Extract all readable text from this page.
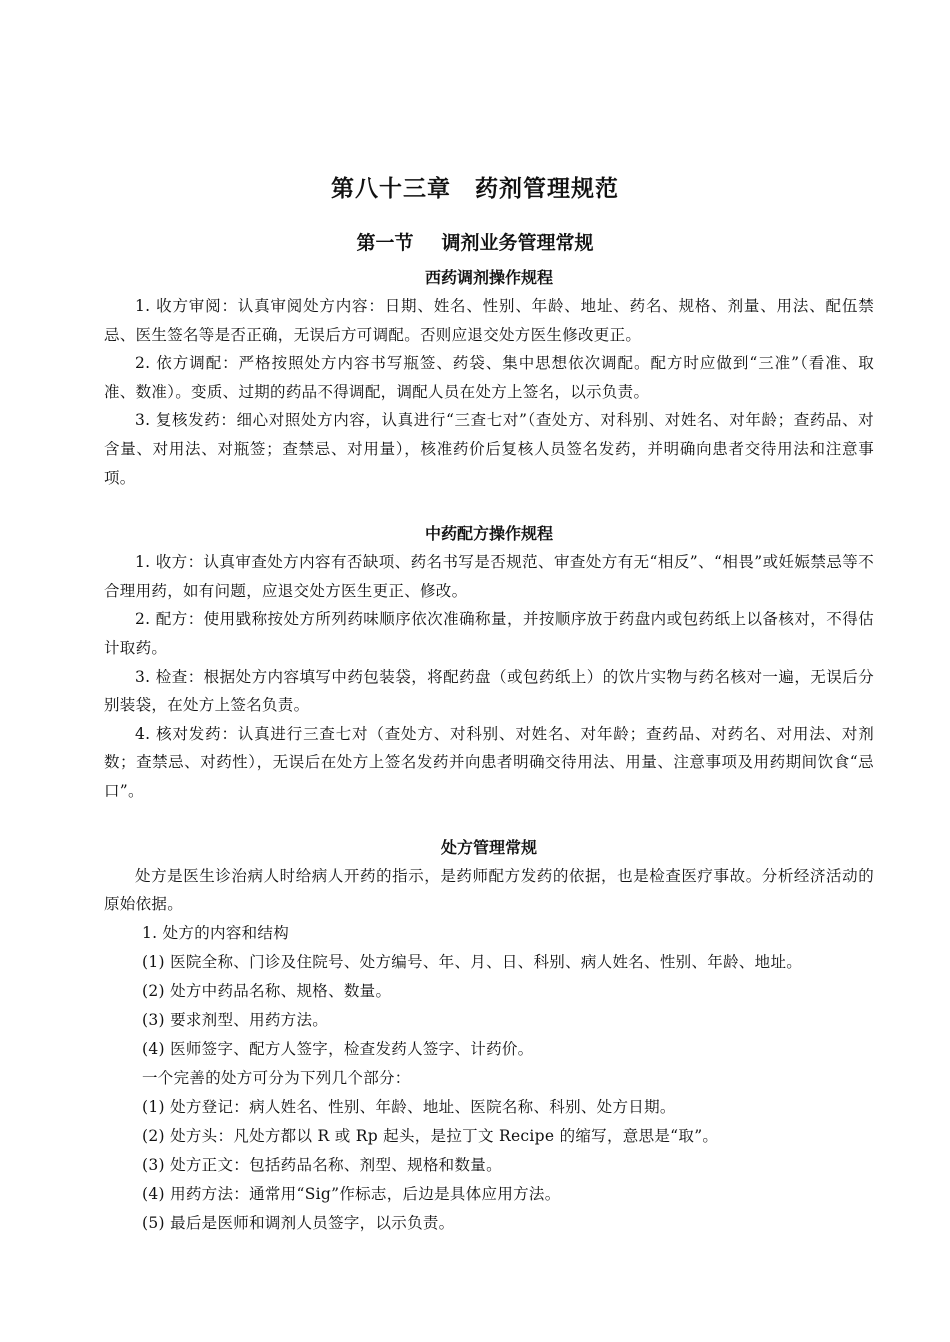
第八十三章　药剂管理规范
第一节 调剂业务管理常规
西药调剂操作规程

1. 收方审阅：认真审阅处方内容：日期、姓名、性别、年龄、地址、药名、规格、剂量、用法、配伍禁忌、医生签名等是否正确，无误后方可调配。否则应退交处方医生修改更正。

2. 依方调配：严格按照处方内容书写瓶签、药袋、集中思想依次调配。配方时应做到“三准”（看准、取准、数准）。变质、过期的药品不得调配，调配人员在处方上签名，以示负责。

3. 复核发药：细心对照处方内容，认真进行“三查七对”（查处方、对科别、对姓名、对年龄；查药品、对含量、对用法、对瓶签；查禁忌、对用量），核准药价后复核人员签名发药，并明确向患者交待用法和注意事项。

中药配方操作规程

1. 收方：认真审查处方内容有否缺项、药名书写是否规范、审查处方有无“相反”、“相畏”或妊娠禁忌等不合理用药，如有问题，应退交处方医生更正、修改。

2. 配方：使用戥称按处方所列药味顺序依次准确称量，并按顺序放于药盘内或包药纸上以备核对，不得估计取药。

3. 检查：根据处方内容填写中药包装袋，将配药盘（或包药纸上）的饮片实物与药名核对一遍，无误后分别装袋，在处方上签名负责。

4. 核对发药：认真进行三查七对（查处方、对科别、对姓名、对年龄；查药品、对药名、对用法、对剂数；查禁忌、对药性），无误后在处方上签名发药并向患者明确交待用法、用量、注意事项及用药期间饮食“忌口”。

处方管理常规

处方是医生诊治病人时给病人开药的指示，是药师配方发药的依据，也是检查医疗事故。分析经济活动的原始依据。

1. 处方的内容和结构

(1) 医院全称、门诊及住院号、处方编号、年、月、日、科别、病人姓名、性别、年龄、地址。

(2) 处方中药品名称、规格、数量。

(3) 要求剂型、用药方法。

(4) 医师签字、配方人签字，检查发药人签字、计药价。

一个完善的处方可分为下列几个部分：

(1) 处方登记：病人姓名、性别、年龄、地址、医院名称、科别、处方日期。

(2) 处方头：凡处方都以 R 或 Rp 起头，是拉丁文 Recipe 的缩写，意思是“取”。

(3) 处方正文：包括药品名称、剂型、规格和数量。

(4) 用药方法：通常用“Sig”作标志，后边是具体应用方法。

(5) 最后是医师和调剂人员签字，以示负责。
